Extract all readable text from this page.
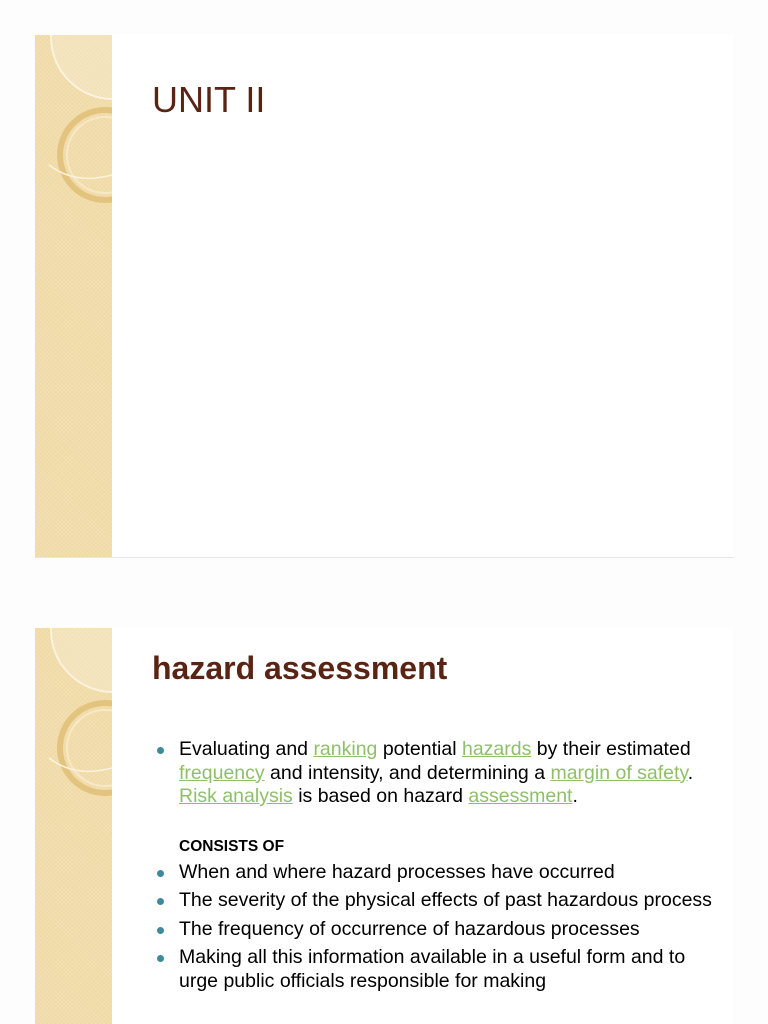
UNIT II
hazard assessment
Evaluating and ranking potential hazards by their estimated frequency and intensity, and determining a margin of safety. Risk analysis is based on hazard assessment.
CONSISTS OF
When and where hazard processes have occurred
The severity of the physical effects of past hazardous process
The frequency of occurrence of hazardous processes
Making all this information available in a useful form and to urge public officials responsible for making
